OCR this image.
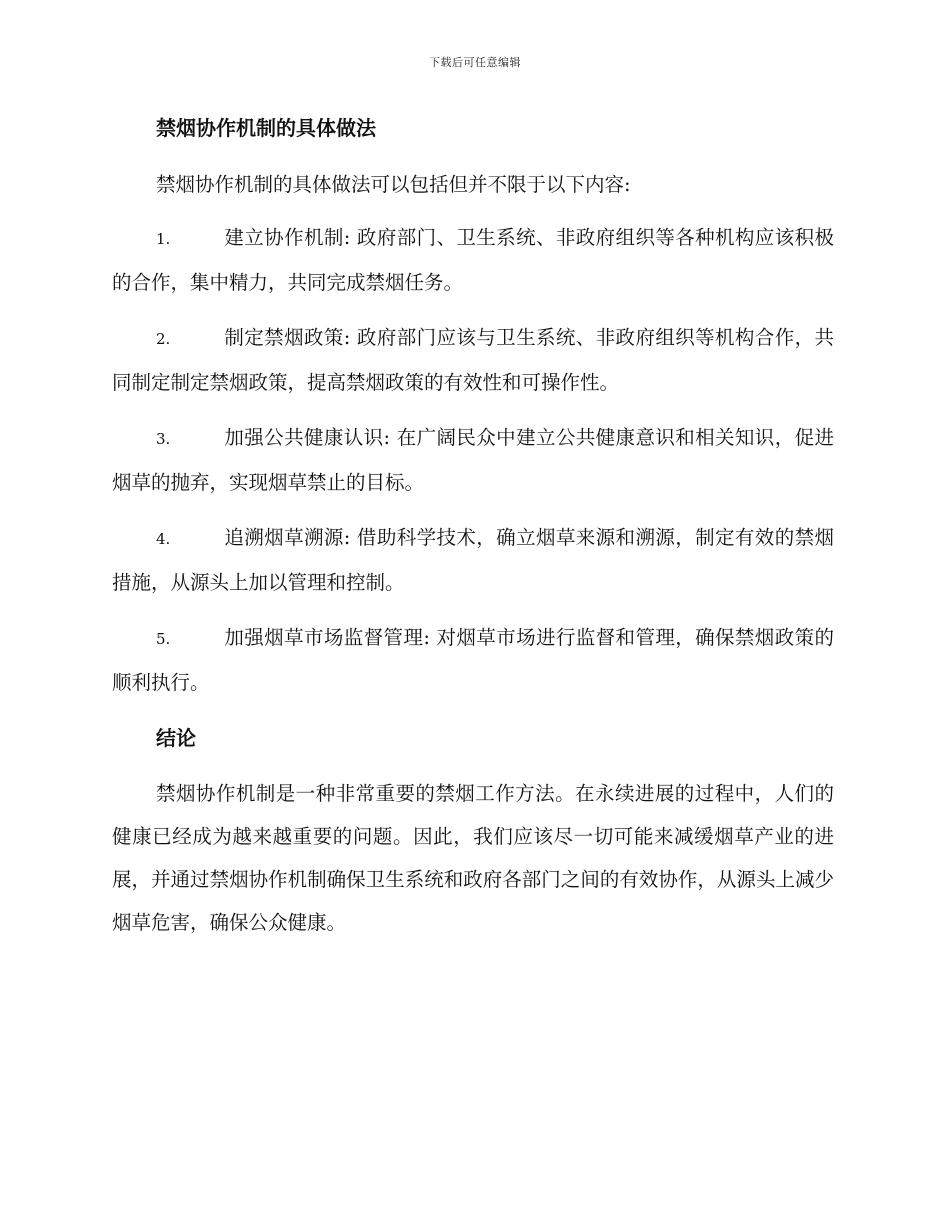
下载后可任意编辑
禁烟协作机制的具体做法

禁烟协作机制的具体做法可以包括但并不限于以下内容:

1.	建立协作机制: 政府部门、卫生系统、非政府组织等各种机构应该积极的合作，集中精力，共同完成禁烟任务。
2.	制定禁烟政策: 政府部门应该与卫生系统、非政府组织等机构合作，共同制定制定禁烟政策，提高禁烟政策的有效性和可操作性。
3.	加强公共健康认识: 在广阔民众中建立公共健康意识和相关知识，促进烟草的抛弃，实现烟草禁止的目标。
4.	追溯烟草溯源: 借助科学技术，确立烟草来源和溯源，制定有效的禁烟措施，从源头上加以管理和控制。
5.	加强烟草市场监督管理: 对烟草市场进行监督和管理，确保禁烟政策的顺利执行。
结论

禁烟协作机制是一种非常重要的禁烟工作方法。在永续进展的过程中，人们的健康已经成为越来越重要的问题。因此，我们应该尽一切可能来减缓烟草产业的进展，并通过禁烟协作机制确保卫生系统和政府各部门之间的有效协作，从源头上减少烟草危害，确保公众健康。
